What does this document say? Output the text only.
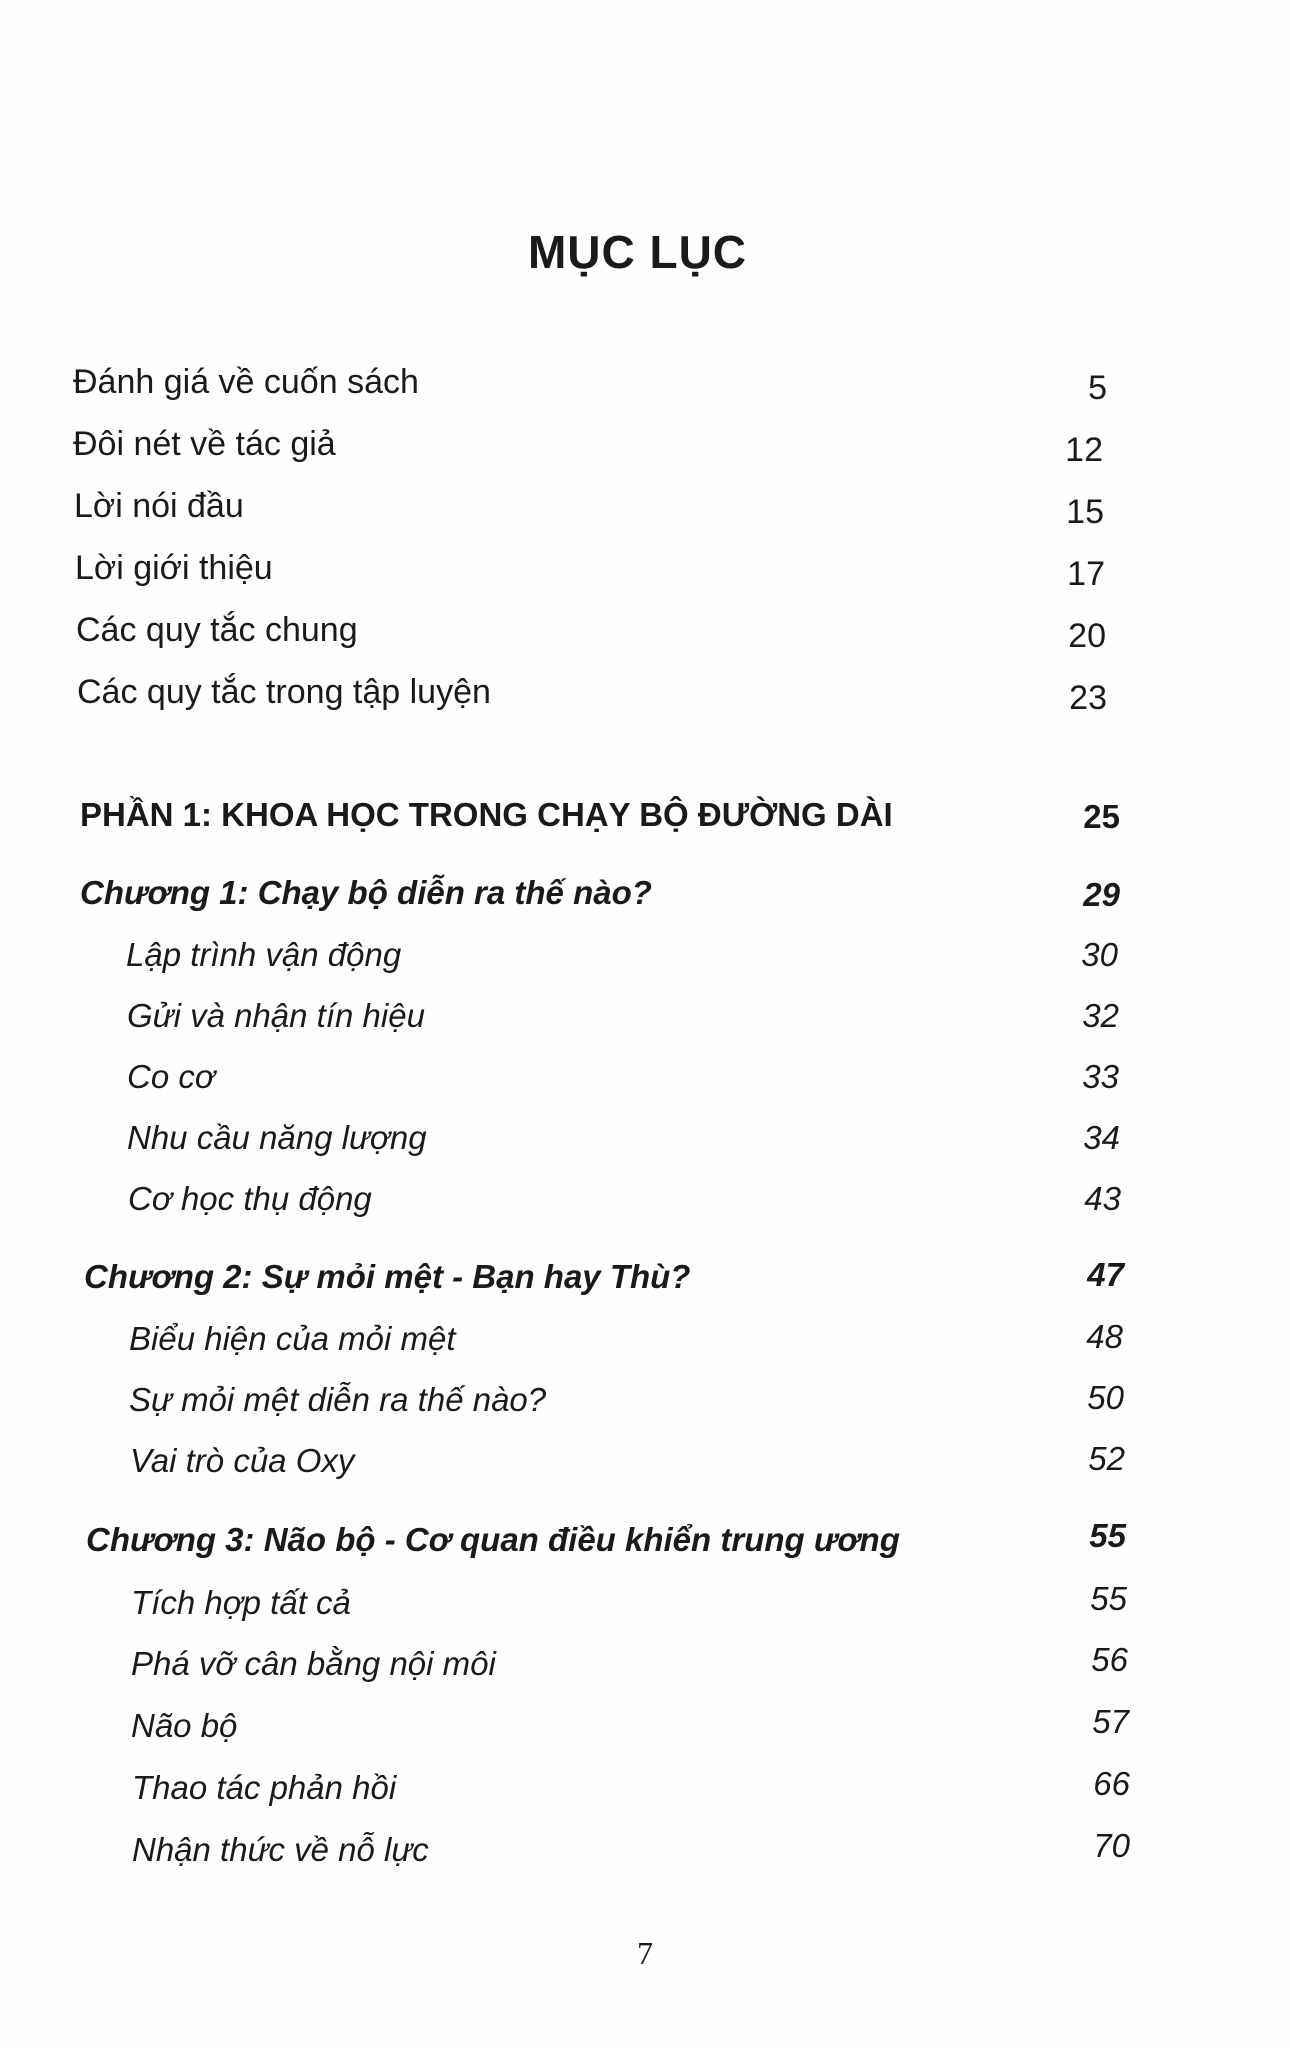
MỤC LỤC
Đánh giá về cuốn sách	5
Đôi nét về tác giả	12
Lời nói đầu	15
Lời giới thiệu	17
Các quy tắc chung	20
Các quy tắc trong tập luyện	23
PHẦN 1: KHOA HỌC TRONG CHẠY BỘ ĐƯỜNG DÀI	25
Chương 1: Chạy bộ diễn ra thế nào?	29
Lập trình vận động	30
Gửi và nhận tín hiệu	32
Co cơ	33
Nhu cầu năng lượng	34
Cơ học thụ động	43
Chương 2: Sự mỏi mệt - Bạn hay Thù?	47
Biểu hiện của mỏi mệt	48
Sự mỏi mệt diễn ra thế nào?	50
Vai trò của Oxy	52
Chương 3: Não bộ - Cơ quan điều khiển trung ương	55
Tích hợp tất cả	55
Phá vỡ cân bằng nội môi	56
Não bộ	57
Thao tác phản hồi	66
Nhận thức về nỗ lực	70
7
